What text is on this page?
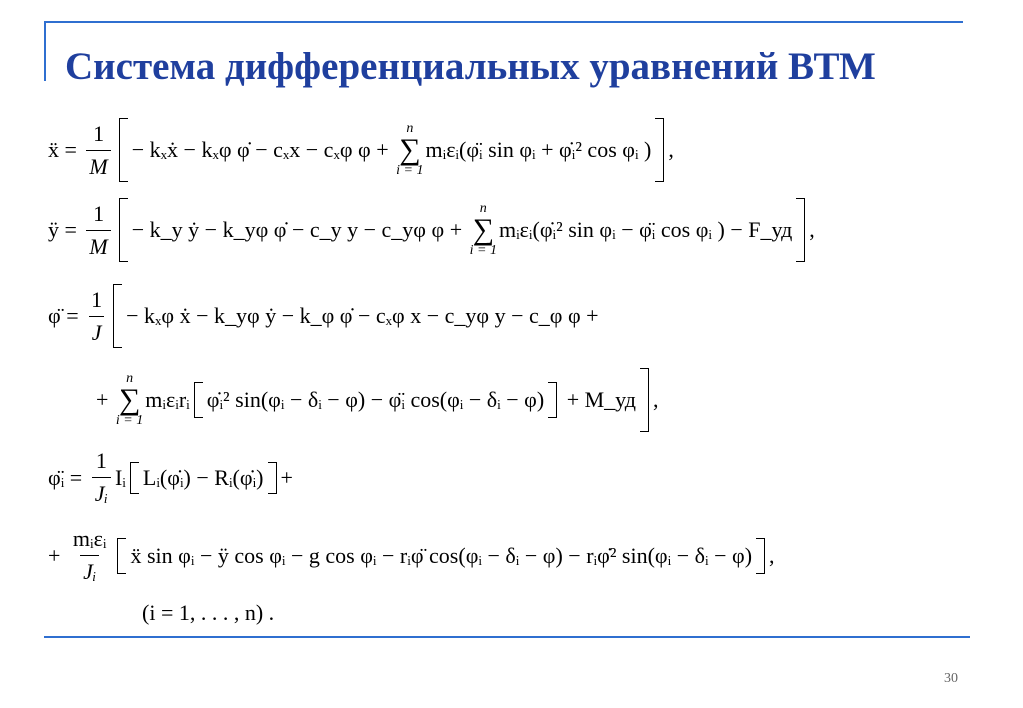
Система дифференциальных уравнений ВТМ
ẍ = $\frac{1}{M}$ − kₓẋ − kₓφ φ̇ − cₓx − cₓφ φ +
n
∑
i = 1
mᵢεᵢ(φ̈ᵢ sin φᵢ + φ̇ᵢ² cos φᵢ ) ,
ÿ = $\frac{1}{M}$ − k_y ẏ − k_yφ φ̇ − c_y y − c_yφ φ +
n
∑
i = 1
mᵢεᵢ(φ̇ᵢ² sin φᵢ − φ̈ᵢ cos φᵢ ) − F_уд ,
φ̈ = $\frac{1}{J} - k_x\varphi$ ẋ − k_yφ ẏ − k_φ φ̇ − cₓφ x − c_yφ y − c_φ φ +
+
n
∑
i = 1
mᵢεᵢrᵢ φ̇ᵢ² sin(φᵢ − δᵢ − φ) − φ̈ᵢ cos(φᵢ − δᵢ − φ) + M_уд ,
φ̈ᵢ = $\frac{1}{\text{Jᵢ}}$ Iᵢ Lᵢ(φ̇ᵢ) − Rᵢ(φ̇ᵢ) +
+ $\frac{\text{mᵢεᵢ}}{\text{Jᵢ}}$ ẍ sin φᵢ − ÿ cos φᵢ − g cos φᵢ − rᵢφ̈ cos(φᵢ − δᵢ − φ) − rᵢφ̇² sin(φᵢ − δᵢ − φ) ,
(i = 1, . . . , n) .
30
